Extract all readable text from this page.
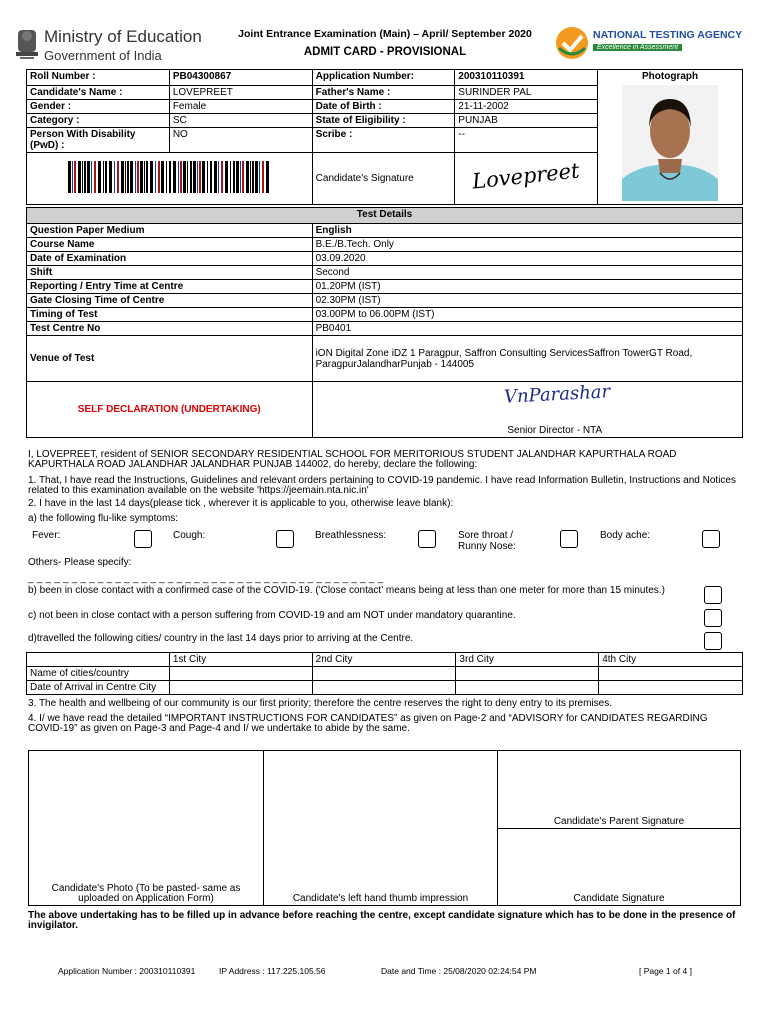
Ministry of Education
Government of India
Joint Entrance Examination (Main) – April/ September 2020
ADMIT CARD - PROVISIONAL
NATIONAL TESTING AGENCY
Excellence in Assessment
Roll Number :	PB04300867	Application Number:	200310110391	Photograph

Candidate's Name :	LOVEPREET	Father's Name :	SURINDER PAL	
Gender :	Female	Date of Birth :	21-11-2002	
Category :	SC	State of Eligibility :	PUNJAB	
Person With Disability (PwD) :	NO	Scribe :	--	
	Candidate's Signature	Lovepreet	
Test Details	
Question Paper Medium	English
Course Name	B.E./B.Tech. Only
Date of Examination	03.09.2020
Shift	Second
Reporting / Entry Time at Centre	01.20PM (IST)
Gate Closing Time of Centre	02.30PM (IST)
Timing of Test	03.00PM to 06.00PM (IST)
Test Centre No	PB0401
Venue of Test	iON Digital Zone iDZ 1 Paragpur, Saffron Consulting ServicesSaffron TowerGT Road, ParagpurJalandharPunjab - 144005
SELF DECLARATION (UNDERTAKING)	VnParashar
Senior Director - NTA
I, LOVEPREET, resident of SENIOR SECONDARY RESIDENTIAL SCHOOL FOR MERITORIOUS STUDENT JALANDHAR KAPURTHALA ROAD KAPURTHALA ROAD JALANDHAR JALANDHAR PUNJAB 144002, do hereby, declare the following:
1. That, I have read the Instructions, Guidelines and relevant orders pertaining to COVID-19 pandemic. I have read Information Bulletin, Instructions and Notices related to this examination available on the website 'https://jeemain.nta.nic.in'
2. I have in the last 14 days(please tick , wherever it is applicable to you, otherwise leave blank):
a) the following flu-like symptoms:
Fever:	Cough:	Breathlessness:	Sore throat / Runny Nose:
Body ache:
Others- Please specify:
_ _ _ _ _ _ _ _ _ _ _ _ _ _ _ _ _ _ _ _ _ _ _ _ _ _ _ _ _ _ _ _ _ _ _ _ _ _ _ _ _
b) been in close contact with a confirmed case of the COVID-19. ('Close contact' means being at less than one meter for more than 15 minutes.)
c) not been in close contact with a person suffering from COVID-19 and am NOT under mandatory quarantine.
d)travelled the following cities/ country in the last 14 days prior to arriving at the Centre.
	1st City	2nd City	3rd City	4th City
Name of cities/country				
Date of Arrival in Centre City				
3. The health and wellbeing of our community is our first priority; therefore the centre reserves the right to deny entry to its premises.
4. I/ we have read the detailed “IMPORTANT INSTRUCTIONS FOR CANDIDATES” as given on Page-2 and “ADVISORY for CANDIDATES REGARDING COVID-19” as given on Page-3 and Page-4 and I/ we undertake to abide by the same.
Candidate's Photo (To be pasted- same as uploaded on Application Form)	Candidate's left hand thumb impression
Candidate's Parent Signature
Candidate Signature
The above undertaking has to be filled up in advance before reaching the centre, except candidate signature which has to be done in the presence of invigilator.
Application Number : 200310110391	IP Address : 117.225.105.56	Date and Time : 25/08/2020 02:24:54 PM	[ Page 1 of 4 ]
